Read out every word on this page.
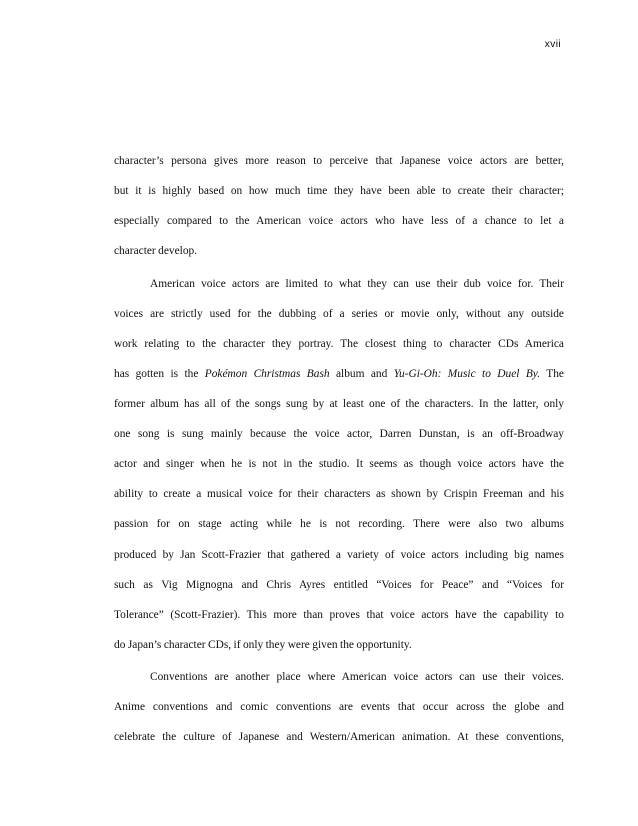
xvii
character’s persona gives more reason to perceive that Japanese voice actors are better,
but it is highly based on how much time they have been able to create their character;
especially compared to the American voice actors who have less of a chance to let a
character develop.
American voice actors are limited to what they can use their dub voice for. Their
voices are strictly used for the dubbing of a series or movie only, without any outside
work relating to the character they portray. The closest thing to character CDs America
has gotten is the Pokémon Christmas Bash album and Yu-Gi-Oh: Music to Duel By. The
former album has all of the songs sung by at least one of the characters. In the latter, only
one song is sung mainly because the voice actor, Darren Dunstan, is an off-Broadway
actor and singer when he is not in the studio. It seems as though voice actors have the
ability to create a musical voice for their characters as shown by Crispin Freeman and his
passion for on stage acting while he is not recording. There were also two albums
produced by Jan Scott-Frazier that gathered a variety of voice actors including big names
such as Vig Mignogna and Chris Ayres entitled “Voices for Peace” and “Voices for
Tolerance” (Scott-Frazier). This more than proves that voice actors have the capability to
do Japan’s character CDs, if only they were given the opportunity.
Conventions are another place where American voice actors can use their voices.
Anime conventions and comic conventions are events that occur across the globe and
celebrate the culture of Japanese and Western/American animation. At these conventions,
